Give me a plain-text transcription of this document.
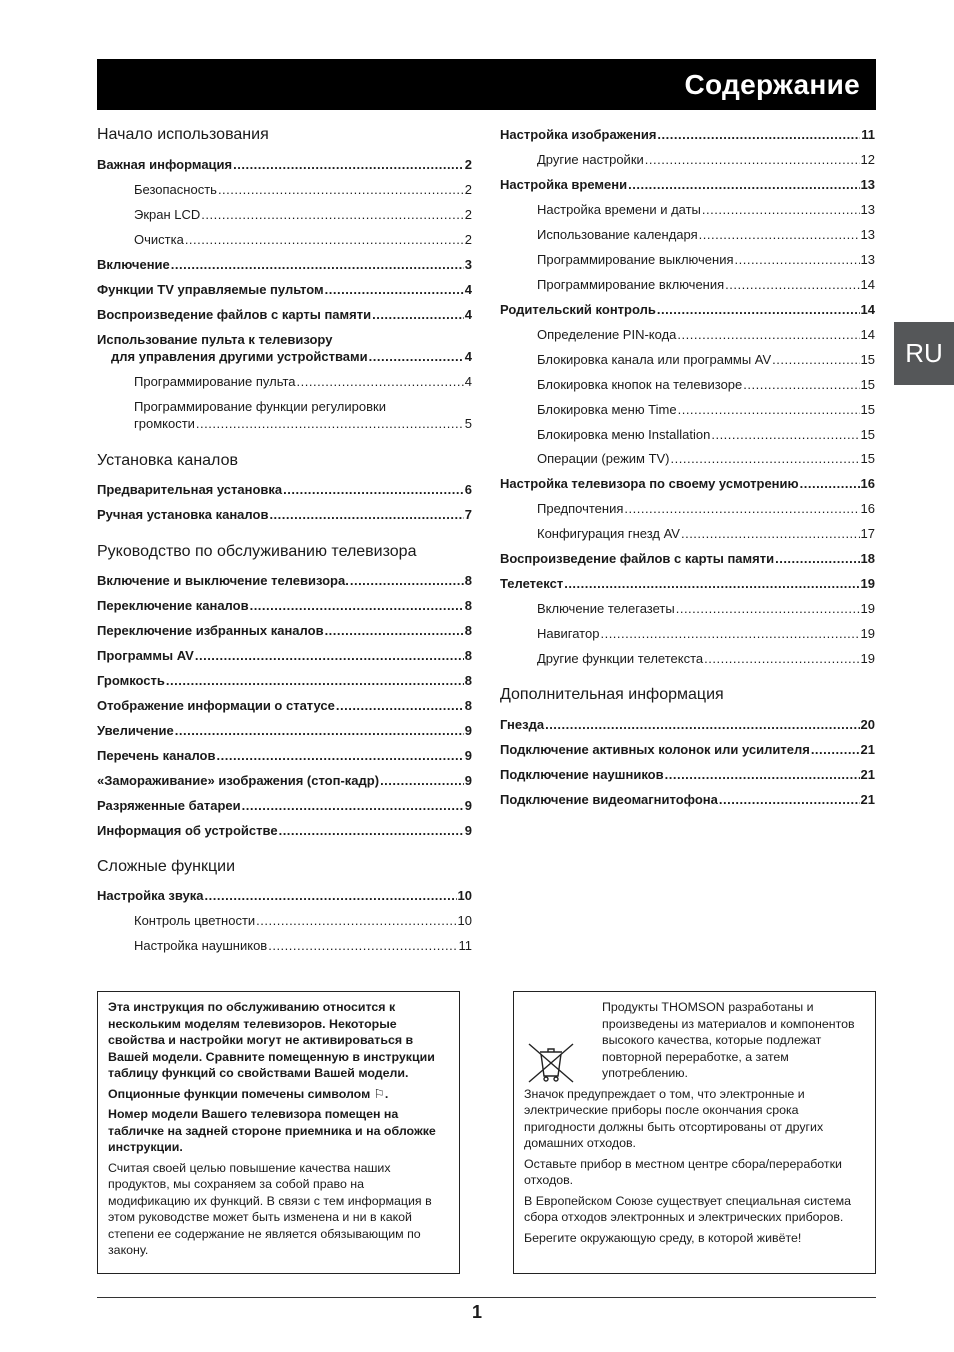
Содержание
RU
Начало использования
Важная информация .....	2
Безопасность .....	2
Экран LCD .....	2
Очистка .....	2
Включение .....	3
Функции TV управляемые пультом .....	4
Воспроизведение файлов с карты памяти .....	4
Использование пульта к телевизору
для управления другими устройствами .....	4
Программирование пульта .....	4
Программирование функции регулировки
громкости .....	5
Установка каналов
Предварительная установка .....	6
Ручная установка каналов .....	7
Руководство по обслуживанию телевизора
Включение и выключение телевизора. .....	8
Переключение каналов .....	8
Переключение избранных каналов .....	8
Программы AV .....	8
Громкость .....	8
Отображение информации о статусе .....	8
Увеличение .....	9
Перечень каналов .....	9
«Замораживание» изображения (стоп-кадр) .....	9
Разряженные батареи .....	9
Информация об устройстве .....	9
Сложные функции
Настройка звука .....	10
Контроль цветности .....	10
Настройка наушников .....	11
Настройка изображения .....	11
Другие настройки .....	12
Настройка времени .....	13
Настройка времени и даты .....	13
Использование календаря .....	13
Программирование выключения .....	13
Программирование включения .....	14
Родительский контроль .....	14
Определение PIN-кода .....	14
Блокировка канала или программы AV .....	15
Блокировка кнопок на телевизоре .....	15
Блокировка меню Time .....	15
Блокировка меню Installation .....	15
Операции (режим TV) .....	15
Настройка телевизора по своему усмотрению .....	16
Предпочтения .....	16
Конфигурация гнезд AV .....	17
Воспроизведение файлов с карты памяти .....	18
Телетекст .....	19
Включение телегазеты .....	19
Навигатор .....	19
Другие функции телетекста .....	19
Дополнительная информация
Гнезда .....	20
Подключение активных колонок или усилителя .....	21
Подключение наушников .....	21
Подключение видеомагнитофона .....	21

Эта инструкция по обслуживанию относится к нескольким моделям телевизоров. Некоторые свойства и настройки могут не активироваться в Вашей модели. Сравните помещенную в инструкции таблицу функций со свойствами Вашей модели.

Опционные функции помечены символом ⚐.

Номер модели Вашего телевизора помещен на табличке на задней стороне приемника и на обложке инструкции.

Считая своей целью повышение качества наших продуктов, мы сохраняем за собой право на модификацию их функций. В связи с тем информация в этом руководстве может быть изменена и ни в какой степени ее содержание не является обязывающим по закону.

Продукты THOMSON разработаны и произведены из материалов и компонентов высокого качества, которые подлежат повторной переработке, а затем употреблению.

Значок предупреждает о том, что электронные и электрические приборы после окончания срока пригодности должны быть отсортированы от других домашних отходов.

Оставьте прибор в местном центре сбора/переработки отходов.

В Европейском Союзе существует специальная система сбора отходов электронных и электрических приборов.

Берегите окружающую среду, в которой живёте!

1
